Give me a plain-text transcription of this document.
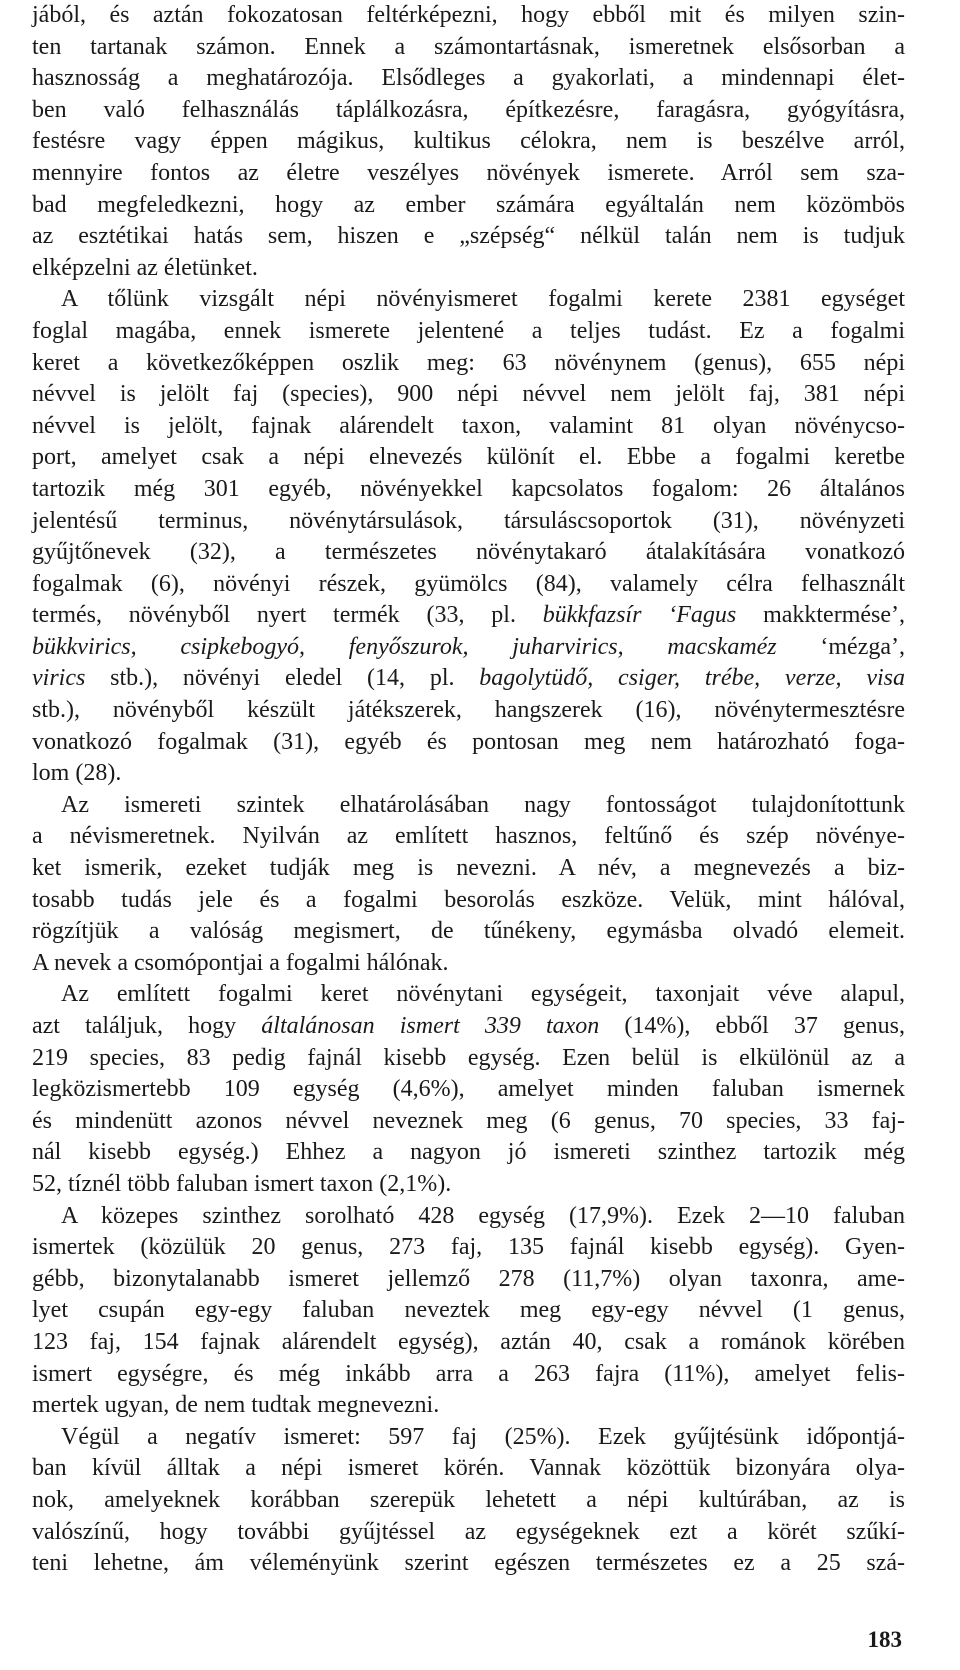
jából, és aztán fokozatosan feltérképezni, hogy ebből mit és milyen szin-

ten tartanak számon. Ennek a számontartásnak, ismeretnek elsősorban a

hasznosság a meghatározója. Elsődleges a gyakorlati, a mindennapi élet-

ben való felhasználás táplálkozásra, építkezésre, faragásra, gyógyításra,

festésre vagy éppen mágikus, kultikus célokra, nem is beszélve arról,

mennyire fontos az életre veszélyes növények ismerete. Arról sem sza-

bad megfeledkezni, hogy az ember számára egyáltalán nem közömbös

az esztétikai hatás sem, hiszen e „szépség“ nélkül talán nem is tudjuk

elképzelni az életünket.

A tőlünk vizsgált népi növényismeret fogalmi kerete 2381 egységet

foglal magába, ennek ismerete jelentené a teljes tudást. Ez a fogalmi

keret a következőképpen oszlik meg: 63 növénynem (genus), 655 népi

névvel is jelölt faj (species), 900 népi névvel nem jelölt faj, 381 népi

névvel is jelölt, fajnak alárendelt taxon, valamint 81 olyan növénycso-

port, amelyet csak a népi elnevezés különít el. Ebbe a fogalmi keretbe

tartozik még 301 egyéb, növényekkel kapcsolatos fogalom: 26 általános

jelentésű terminus, növénytársulások, társuláscsoportok (31), növényzeti

gyűjtőnevek (32), a természetes növénytakaró átalakítására vonatkozó

fogalmak (6), növényi részek, gyümölcs (84), valamely célra felhasznált

termés, növényből nyert termék (33, pl. bükkfazsír ‘Fagus makktermése’,

bükkvirics, csipkebogyó, fenyőszurok, juharvirics, macskaméz ‘mézga’,

virics stb.), növényi eledel (14, pl. bagolytüdő, csiger, trébe, verze, visa

stb.), növényből készült játékszerek, hangszerek (16), növénytermesztésre

vonatkozó fogalmak (31), egyéb és pontosan meg nem határozható foga-

lom (28).

Az ismereti szintek elhatárolásában nagy fontosságot tulajdonítottunk

a névismeretnek. Nyilván az említett hasznos, feltűnő és szép növénye-

ket ismerik, ezeket tudják meg is nevezni. A név, a megnevezés a biz-

tosabb tudás jele és a fogalmi besorolás eszköze. Velük, mint hálóval,

rögzítjük a valóság megismert, de tűnékeny, egymásba olvadó elemeit.

A nevek a csomópontjai a fogalmi hálónak.

Az említett fogalmi keret növénytani egységeit, taxonjait véve alapul,

azt találjuk, hogy általánosan ismert 339 taxon (14%), ebből 37 genus,

219 species, 83 pedig fajnál kisebb egység. Ezen belül is elkülönül az a

legközismertebb 109 egység (4,6%), amelyet minden faluban ismernek

és mindenütt azonos névvel neveznek meg (6 genus, 70 species, 33 faj-

nál kisebb egység.) Ehhez a nagyon jó ismereti szinthez tartozik még

52, tíznél több faluban ismert taxon (2,1%).

A közepes szinthez sorolható 428 egység (17,9%). Ezek 2—10 faluban

ismertek (közülük 20 genus, 273 faj, 135 fajnál kisebb egység). Gyen-

gébb, bizonytalanabb ismeret jellemző 278 (11,7%) olyan taxonra, ame-

lyet csupán egy-egy faluban neveztek meg egy-egy névvel (1 genus,

123 faj, 154 fajnak alárendelt egység), aztán 40, csak a románok körében

ismert egységre, és még inkább arra a 263 fajra (11%), amelyet felis-

mertek ugyan, de nem tudtak megnevezni.

Végül a negatív ismeret: 597 faj (25%). Ezek gyűjtésünk időpontjá-

ban kívül álltak a népi ismeret körén. Vannak közöttük bizonyára olya-

nok, amelyeknek korábban szerepük lehetett a népi kultúrában, az is

valószínű, hogy további gyűjtéssel az egységeknek ezt a körét szűkí-

teni lehetne, ám véleményünk szerint egészen természetes ez a 25 szá-

183
